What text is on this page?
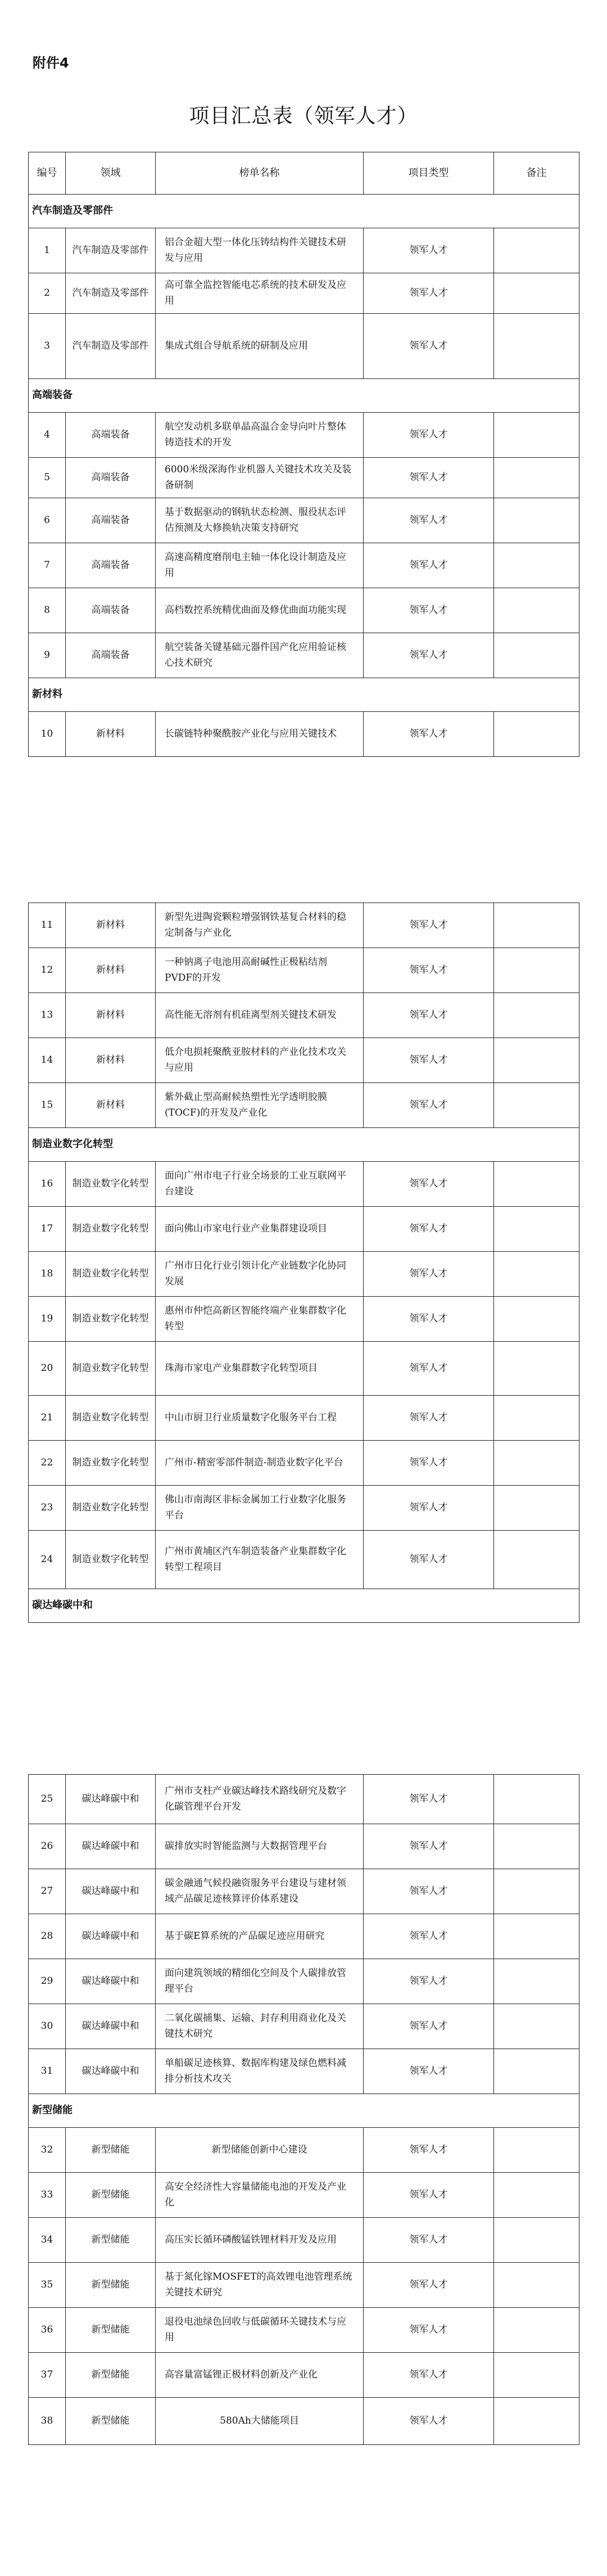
附件4
项目汇总表（领军人才）
编号	领域	榜单名称	项目类型	备注
汽车制造及零部件				
1	汽车制造及零部件	铝合金超大型一体化压铸结构件关键技术研发与应用	领军人才	
2	汽车制造及零部件	高可靠全监控智能电芯系统的技术研发及应用	领军人才	
3	汽车制造及零部件	集成式组合导航系统的研制及应用	领军人才	
高端装备				
4	高端装备	航空发动机多联单晶高温合金导向叶片整体铸造技术的开发	领军人才	
5	高端装备	6000米级深海作业机器人关键技术攻关及装备研制	领军人才	
6	高端装备	基于数据驱动的钢轨状态检测、服役状态评估预测及大修换轨决策支持研究	领军人才	
7	高端装备	高速高精度磨削电主轴一体化设计制造及应用	领军人才	
8	高端装备	高档数控系统精优曲面及修优曲面功能实现	领军人才	
9	高端装备	航空装备关键基础元器件国产化应用验证核心技术研究	领军人才	
新材料				
10	新材料	长碳链特种聚酰胺产业化与应用关键技术	领军人才	
11	新材料	新型先进陶瓷颗粒增强钢铁基复合材料的稳定制备与产业化	领军人才	
12	新材料	一种钠离子电池用高耐碱性正极粘结剂PVDF的开发	领军人才	
13	新材料	高性能无溶剂有机硅离型剂关键技术研发	领军人才	
14	新材料	低介电损耗聚酰亚胺材料的产业化技术攻关与应用	领军人才	
15	新材料	紫外截止型高耐候热塑性光学透明胶膜(TOCF)的开发及产业化	领军人才	
制造业数字化转型				
16	制造业数字化转型	面向广州市电子行业全场景的工业互联网平台建设	领军人才	
17	制造业数字化转型	面向佛山市家电行业产业集群建设项目	领军人才	
18	制造业数字化转型	广州市日化行业引领计化产业链数字化协同发展	领军人才	
19	制造业数字化转型	惠州市仲恺高新区智能终端产业集群数字化转型	领军人才	
20	制造业数字化转型	珠海市家电产业集群数字化转型项目	领军人才	
21	制造业数字化转型	中山市厨卫行业质量数字化服务平台工程	领军人才	
22	制造业数字化转型	广州市-精密零部件制造-制造业数字化平台	领军人才	
23	制造业数字化转型	佛山市南海区非标金属加工行业数字化服务平台	领军人才	
24	制造业数字化转型	广州市黄埔区汽车制造装备产业集群数字化转型工程项目	领军人才	
碳达峰碳中和				
25	碳达峰碳中和	广州市支柱产业碳达峰技术路线研究及数字化碳管理平台开发	领军人才	
26	碳达峰碳中和	碳排放实时智能监测与大数据管理平台	领军人才	
27	碳达峰碳中和	碳金融通气候投融资服务平台建设与建材领域产品碳足迹核算评价体系建设	领军人才	
28	碳达峰碳中和	基于碳E算系统的产品碳足迹应用研究	领军人才	
29	碳达峰碳中和	面向建筑领域的精细化空间及个人碳排放管理平台	领军人才	
30	碳达峰碳中和	二氧化碳捕集、运输、封存利用商业化及关键技术研究	领军人才	
31	碳达峰碳中和	单船碳足迹核算、数据库构建及绿色燃料减排分析技术攻关	领军人才	
新型储能				
32	新型储能	新型储能创新中心建设	领军人才	
33	新型储能	高安全经济性大容量储能电池的开发及产业化	领军人才	
34	新型储能	高压实长循环磷酸锰铁锂材料开发及应用	领军人才	
35	新型储能	基于氮化镓MOSFET的高效锂电池管理系统关键技术研究	领军人才	
36	新型储能	退役电池绿色回收与低碳循环关键技术与应用	领军人才	
37	新型储能	高容量富锰锂正极材料创新及产业化	领军人才	
38	新型储能	580Ah大储能项目	领军人才	
